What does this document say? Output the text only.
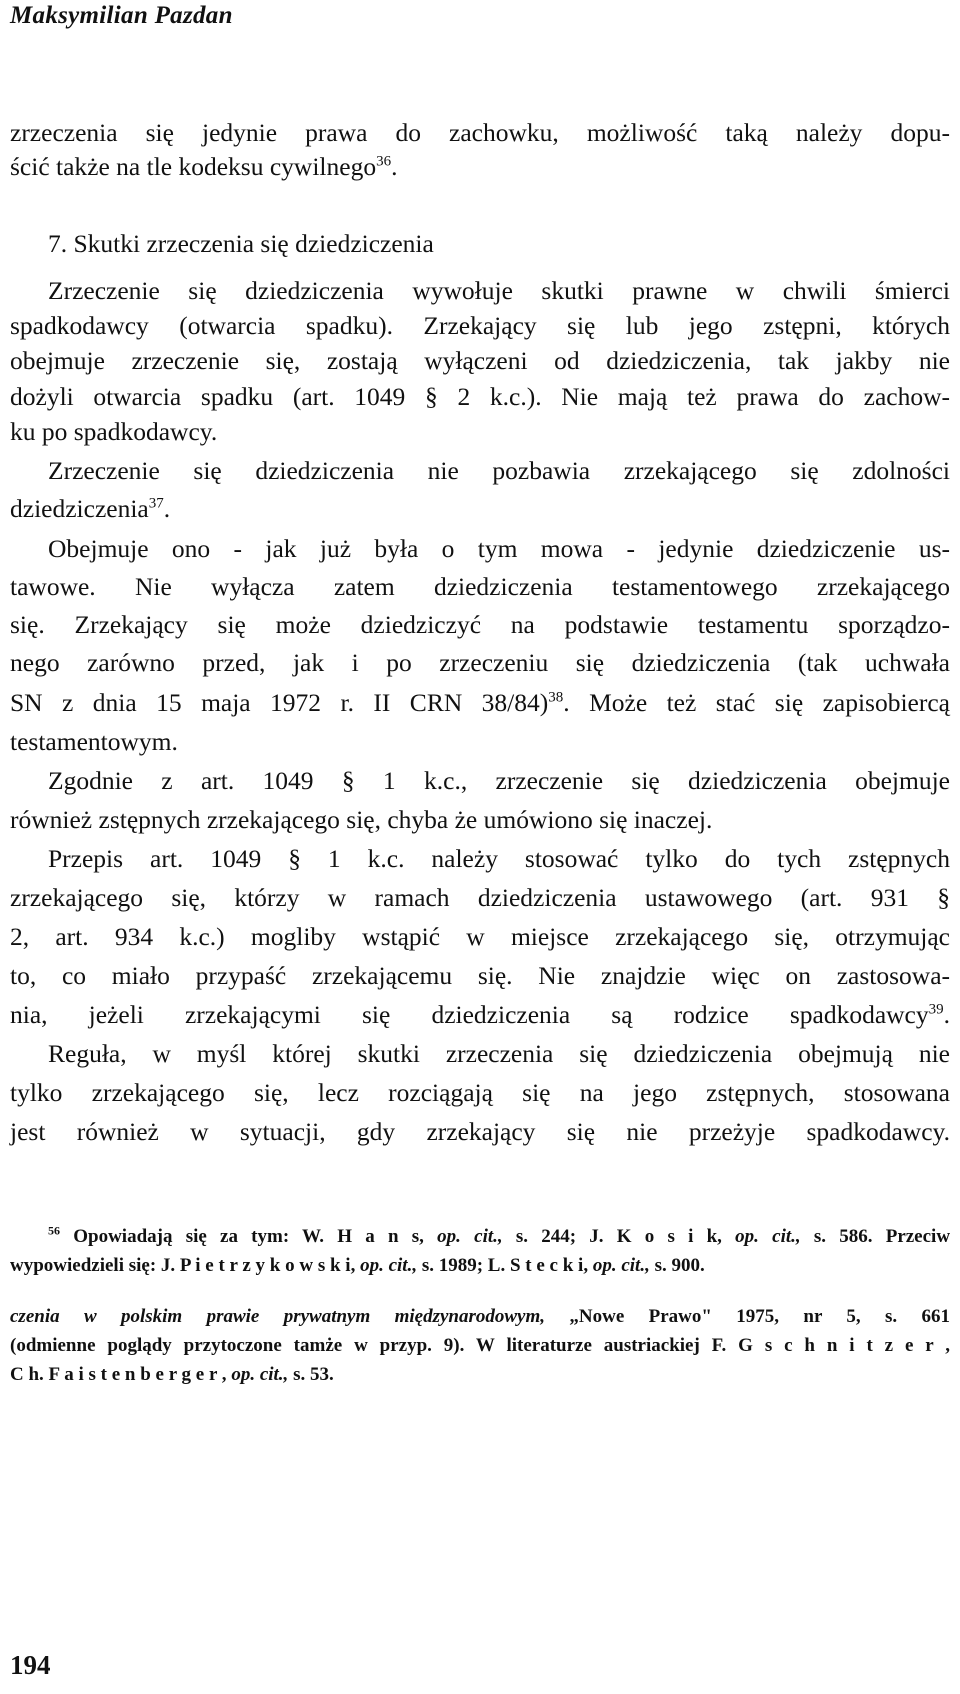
Maksymilian Pazdan

zrzeczenia się jedynie prawa do zachowku, możliwość taką należy dopu-

ścić także na tle kodeksu cywilnego$^{36}$.

7. Skutki zrzeczenia się dziedziczenia

Zrzeczenie się dziedziczenia wywołuje skutki prawne w chwili śmierci

spadkodawcy (otwarcia spadku). Zrzekający się lub jego zstępni, których

obejmuje zrzeczenie się, zostają wyłączeni od dziedziczenia, tak jakby nie

dożyli otwarcia spadku (art. 1049 § 2 k.c.). Nie mają też prawa do zachow-

ku po spadkodawcy.

Zrzeczenie się dziedziczenia nie pozbawia zrzekającego się zdolności

dziedziczenia$^{37}$.

Obejmuje ono - jak już była o tym mowa - jedynie dziedziczenie us-

tawowe. Nie wyłącza zatem dziedziczenia testamentowego zrzekającego

się. Zrzekający się może dziedziczyć na podstawie testamentu sporządzo-

nego zarówno przed, jak i po zrzeczeniu się dziedziczenia (tak uchwała

SN z dnia 15 maja 1972 r. II CRN 38/84)$^{38}$. Może też stać się zapisobiercą

testamentowym.

Zgodnie z art. 1049 § 1 k.c., zrzeczenie się dziedziczenia obejmuje

również zstępnych zrzekającego się, chyba że umówiono się inaczej.

Przepis art. 1049 § 1 k.c. należy stosować tylko do tych zstępnych

zrzekającego się, którzy w ramach dziedziczenia ustawowego (art. 931 §

2, art. 934 k.c.) mogliby wstąpić w miejsce zrzekającego się, otrzymując

to, co miało przypaść zrzekającemu się. Nie znajdzie więc on zastosowa-

nia, jeżeli zrzekającymi się dziedziczenia są rodzice spadkodawcy$^{39}$.

Reguła, w myśl której skutki zrzeczenia się dziedziczenia obejmują nie

tylko zrzekającego się, lecz rozciągają się na jego zstępnych, stosowana

jest również w sytuacji, gdy zrzekający się nie przeżyje spadkodawcy.

$^{56}$ Opowiadają się za tym: W. H a n s, op. cit., s. 244; J. K o s i k, op. cit., s. 586. Przeciw

wypowiedzieli się: J. P i e t r z y k o w s k i, op. cit., s. 1989; L. S t e c k i, op. cit., s. 900.

czenia w polskim prawie prywatnym międzynarodowym, „Nowe Prawo" 1975, nr 5, s. 661

(odmienne poglądy przytoczone tamże w przyp. 9). W literaturze austriackiej F. G s c h n i t z e r ,

C h. F a i s t e n b e r g e r , op. cit., s. 53.

194
